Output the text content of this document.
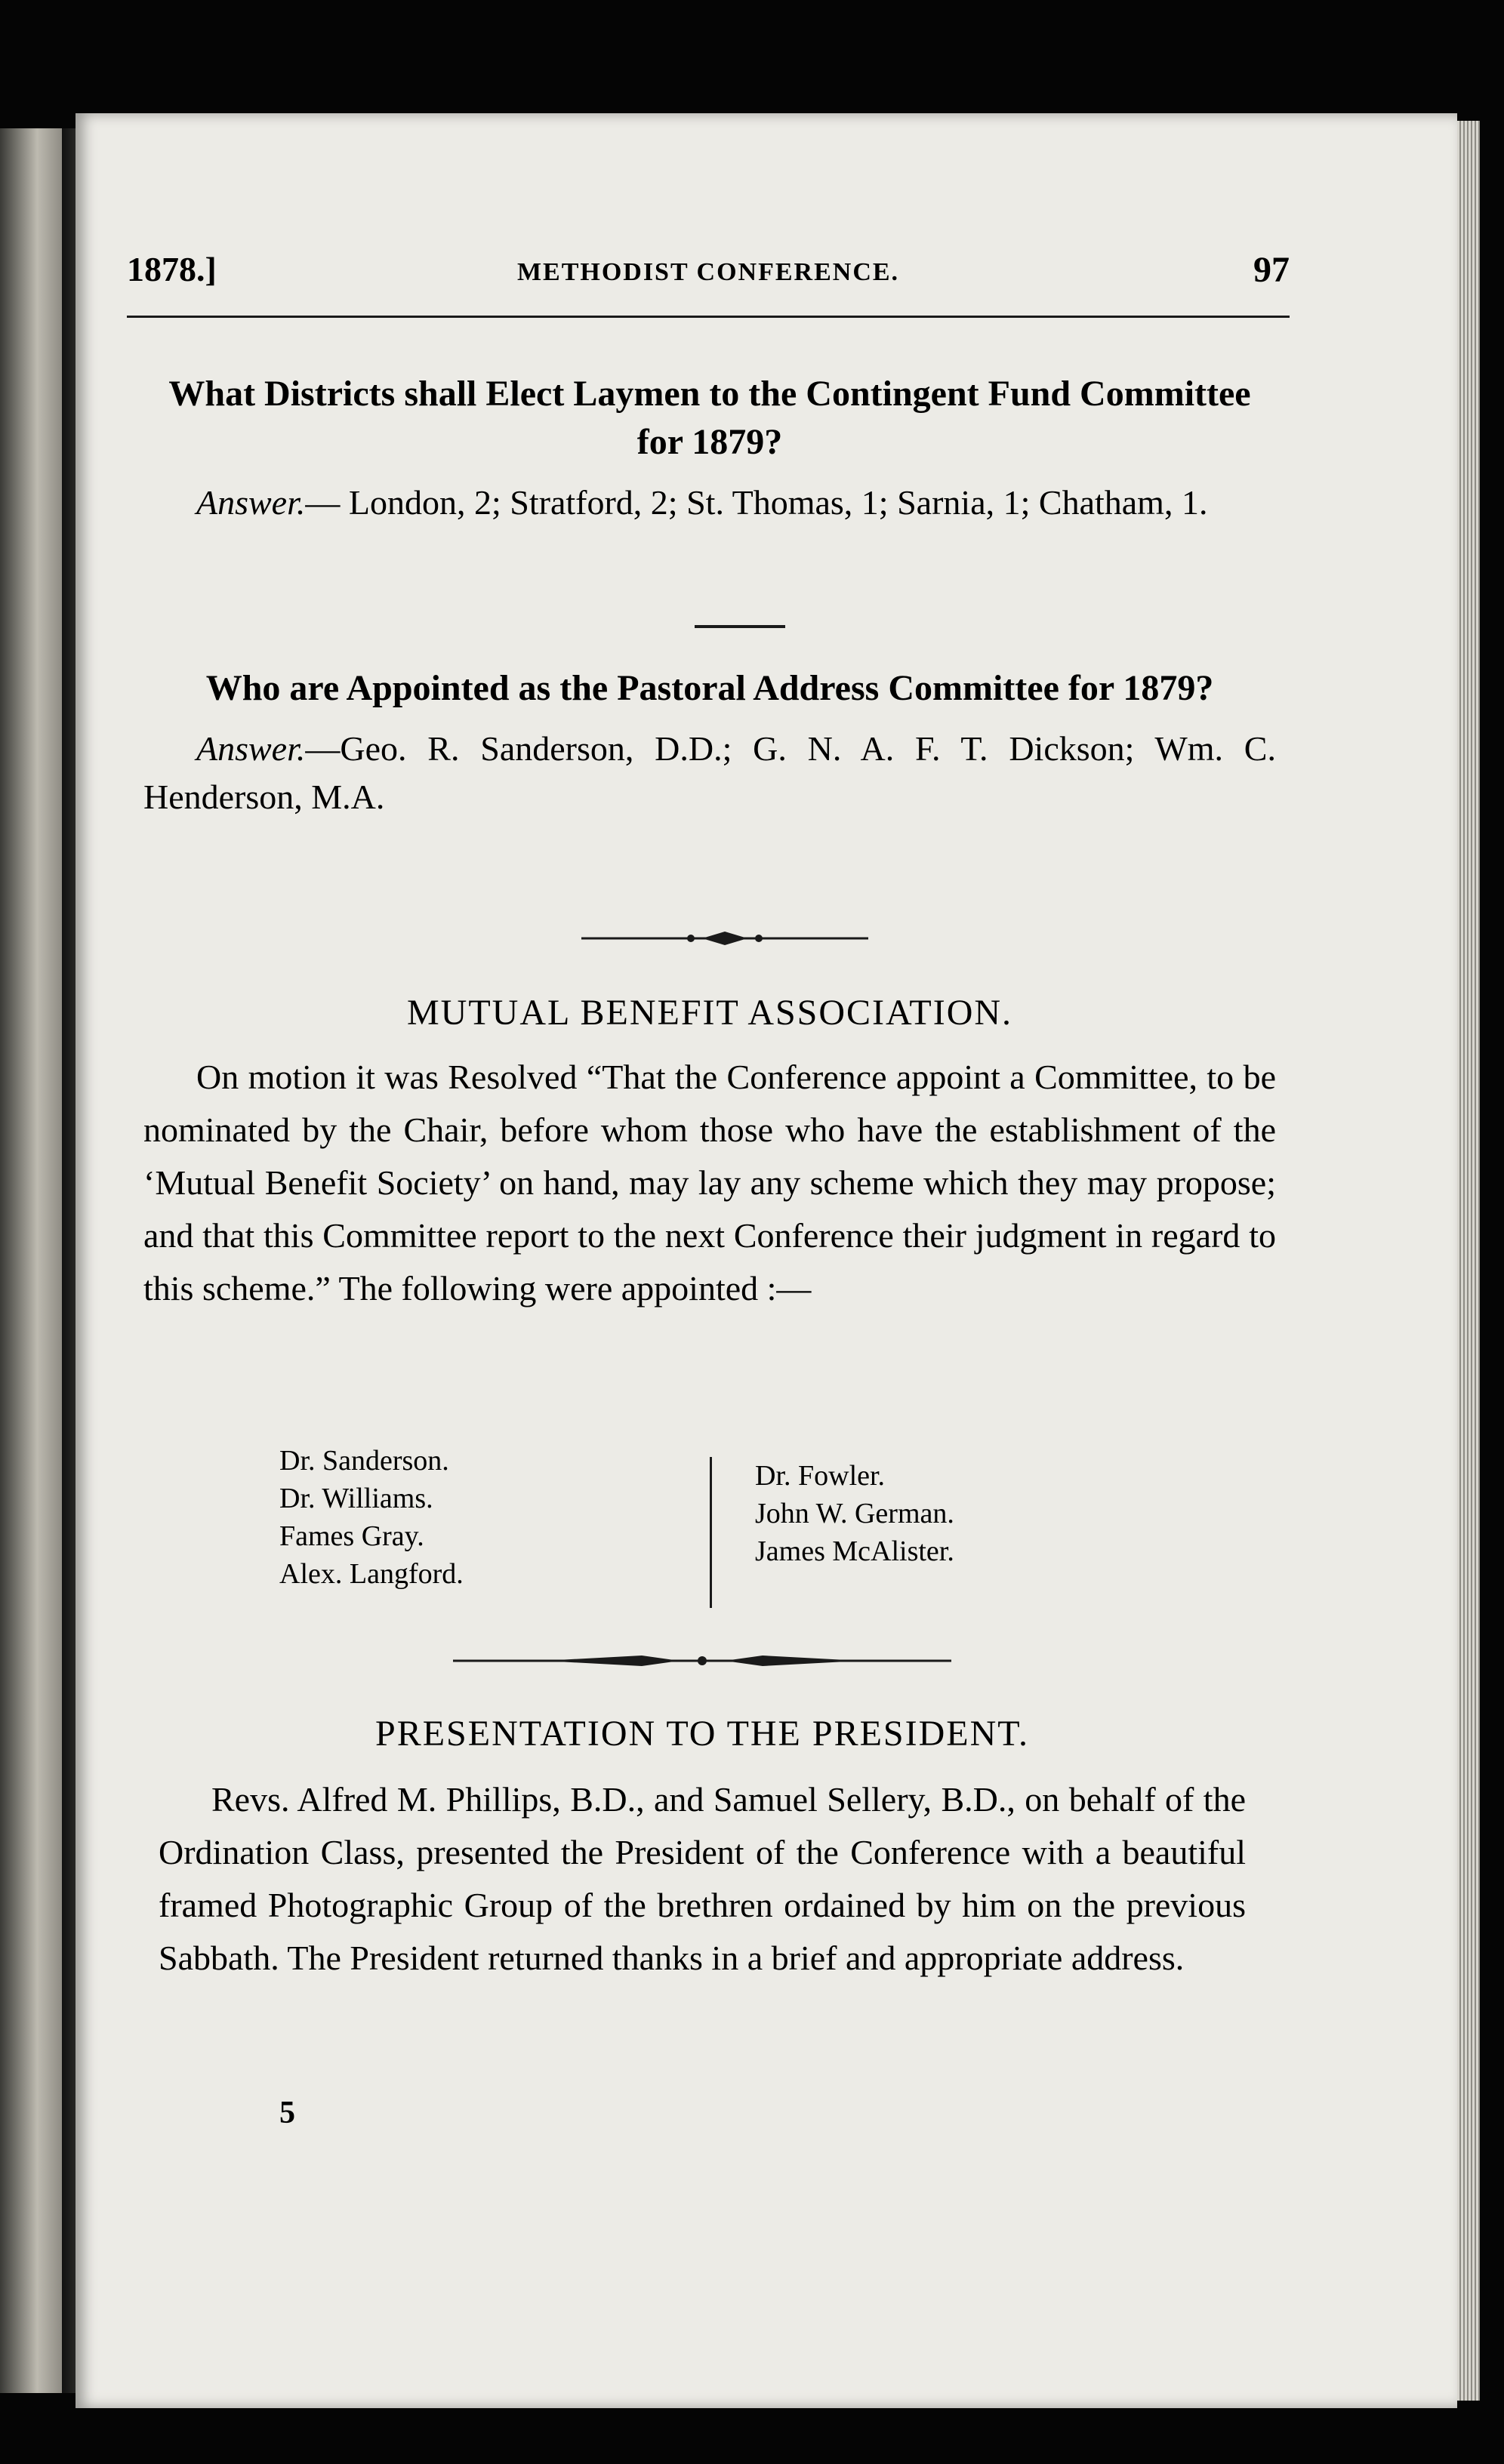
1878.]	METHODIST CONFERENCE.	97
What Districts shall Elect Laymen to the Contingent Fund Committee for 1879?

Answer.— London, 2; Stratford, 2; St. Thomas, 1; Sarnia, 1; Chatham, 1.

Who are Appointed as the Pastoral Address Committee for 1879?

Answer.—Geo. R. Sanderson, D.D.; G. N. A. F. T. Dickson; Wm. C. Henderson, M.A.

MUTUAL BENEFIT ASSOCIATION.

On motion it was Resolved “That the Conference appoint a Committee, to be nominated by the Chair, before whom those who have the establishment of the ‘Mutual Benefit Society’ on hand, may lay any scheme which they may propose; and that this Committee report to the next Conference their judgment in regard to this scheme.” The following were appointed :—

Dr. Sanderson.
Dr. Williams.
Fames Gray.
Alex. Langford.
Dr. Fowler.
John W. German.
James McAlister.
PRESENTATION TO THE PRESIDENT.

Revs. Alfred M. Phillips, B.D., and Samuel Sellery, B.D., on behalf of the Ordination Class, presented the President of the Conference with a beautiful framed Photographic Group of the brethren ordained by him on the previous Sabbath. The President returned thanks in a brief and appropriate address.

5
